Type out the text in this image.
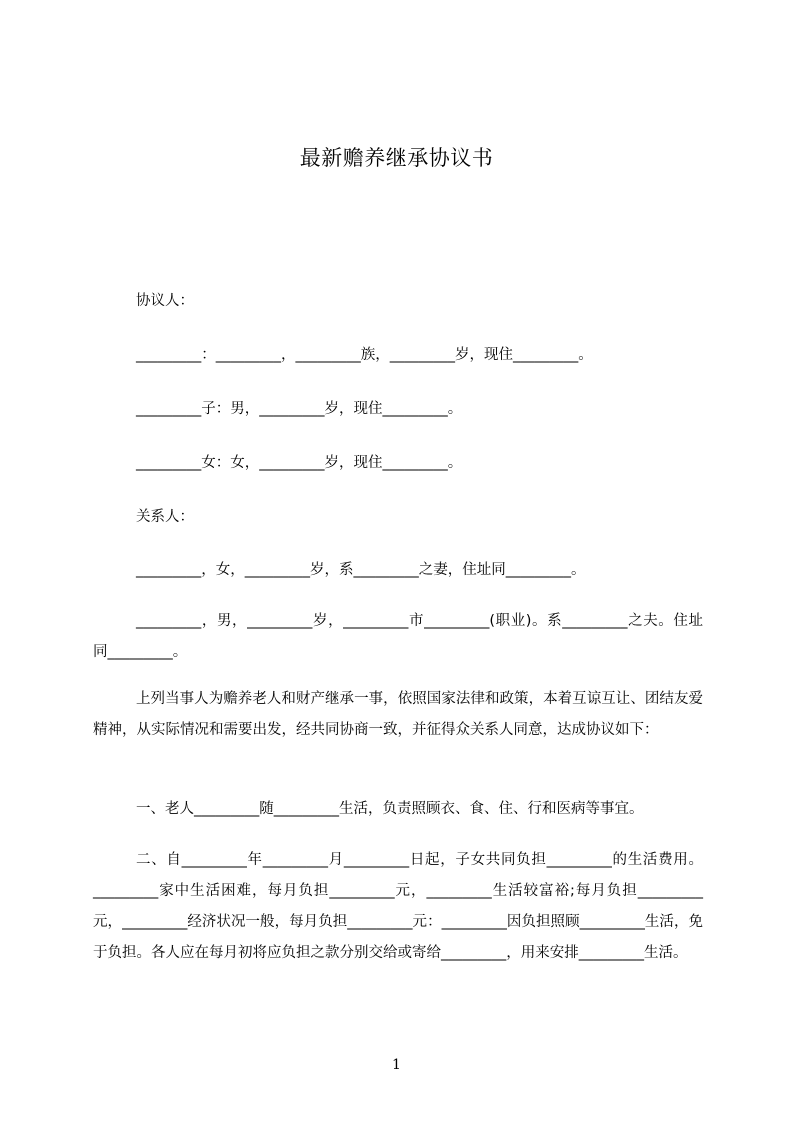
最新赡养继承协议书
协议人：
_________：_________，_________族，_________岁，现住_________。
_________子：男，_________岁，现住_________。
_________女：女，_________岁，现住_________。
关系人：
_________，女，_________岁，系_________之妻，住址同_________。
_________，男，_________岁，_________市_________(职业)。系_________之夫。住址同_________。
上列当事人为赡养老人和财产继承一事，依照国家法律和政策，本着互谅互让、团结友爱精神，从实际情况和需要出发，经共同协商一致，并征得众关系人同意，达成协议如下：
一、老人_________随_________生活，负责照顾衣、食、住、行和医病等事宜。
二、自_________年_________月_________日起，子女共同负担_________的生活费用。_________家中生活困难，每月负担_________元，_________生活较富裕;每月负担_________元，_________经济状况一般，每月负担_________元：_________因负担照顾_________生活，免于负担。各人应在每月初将应负担之款分别交给或寄给_________，用来安排_________生活。
1
